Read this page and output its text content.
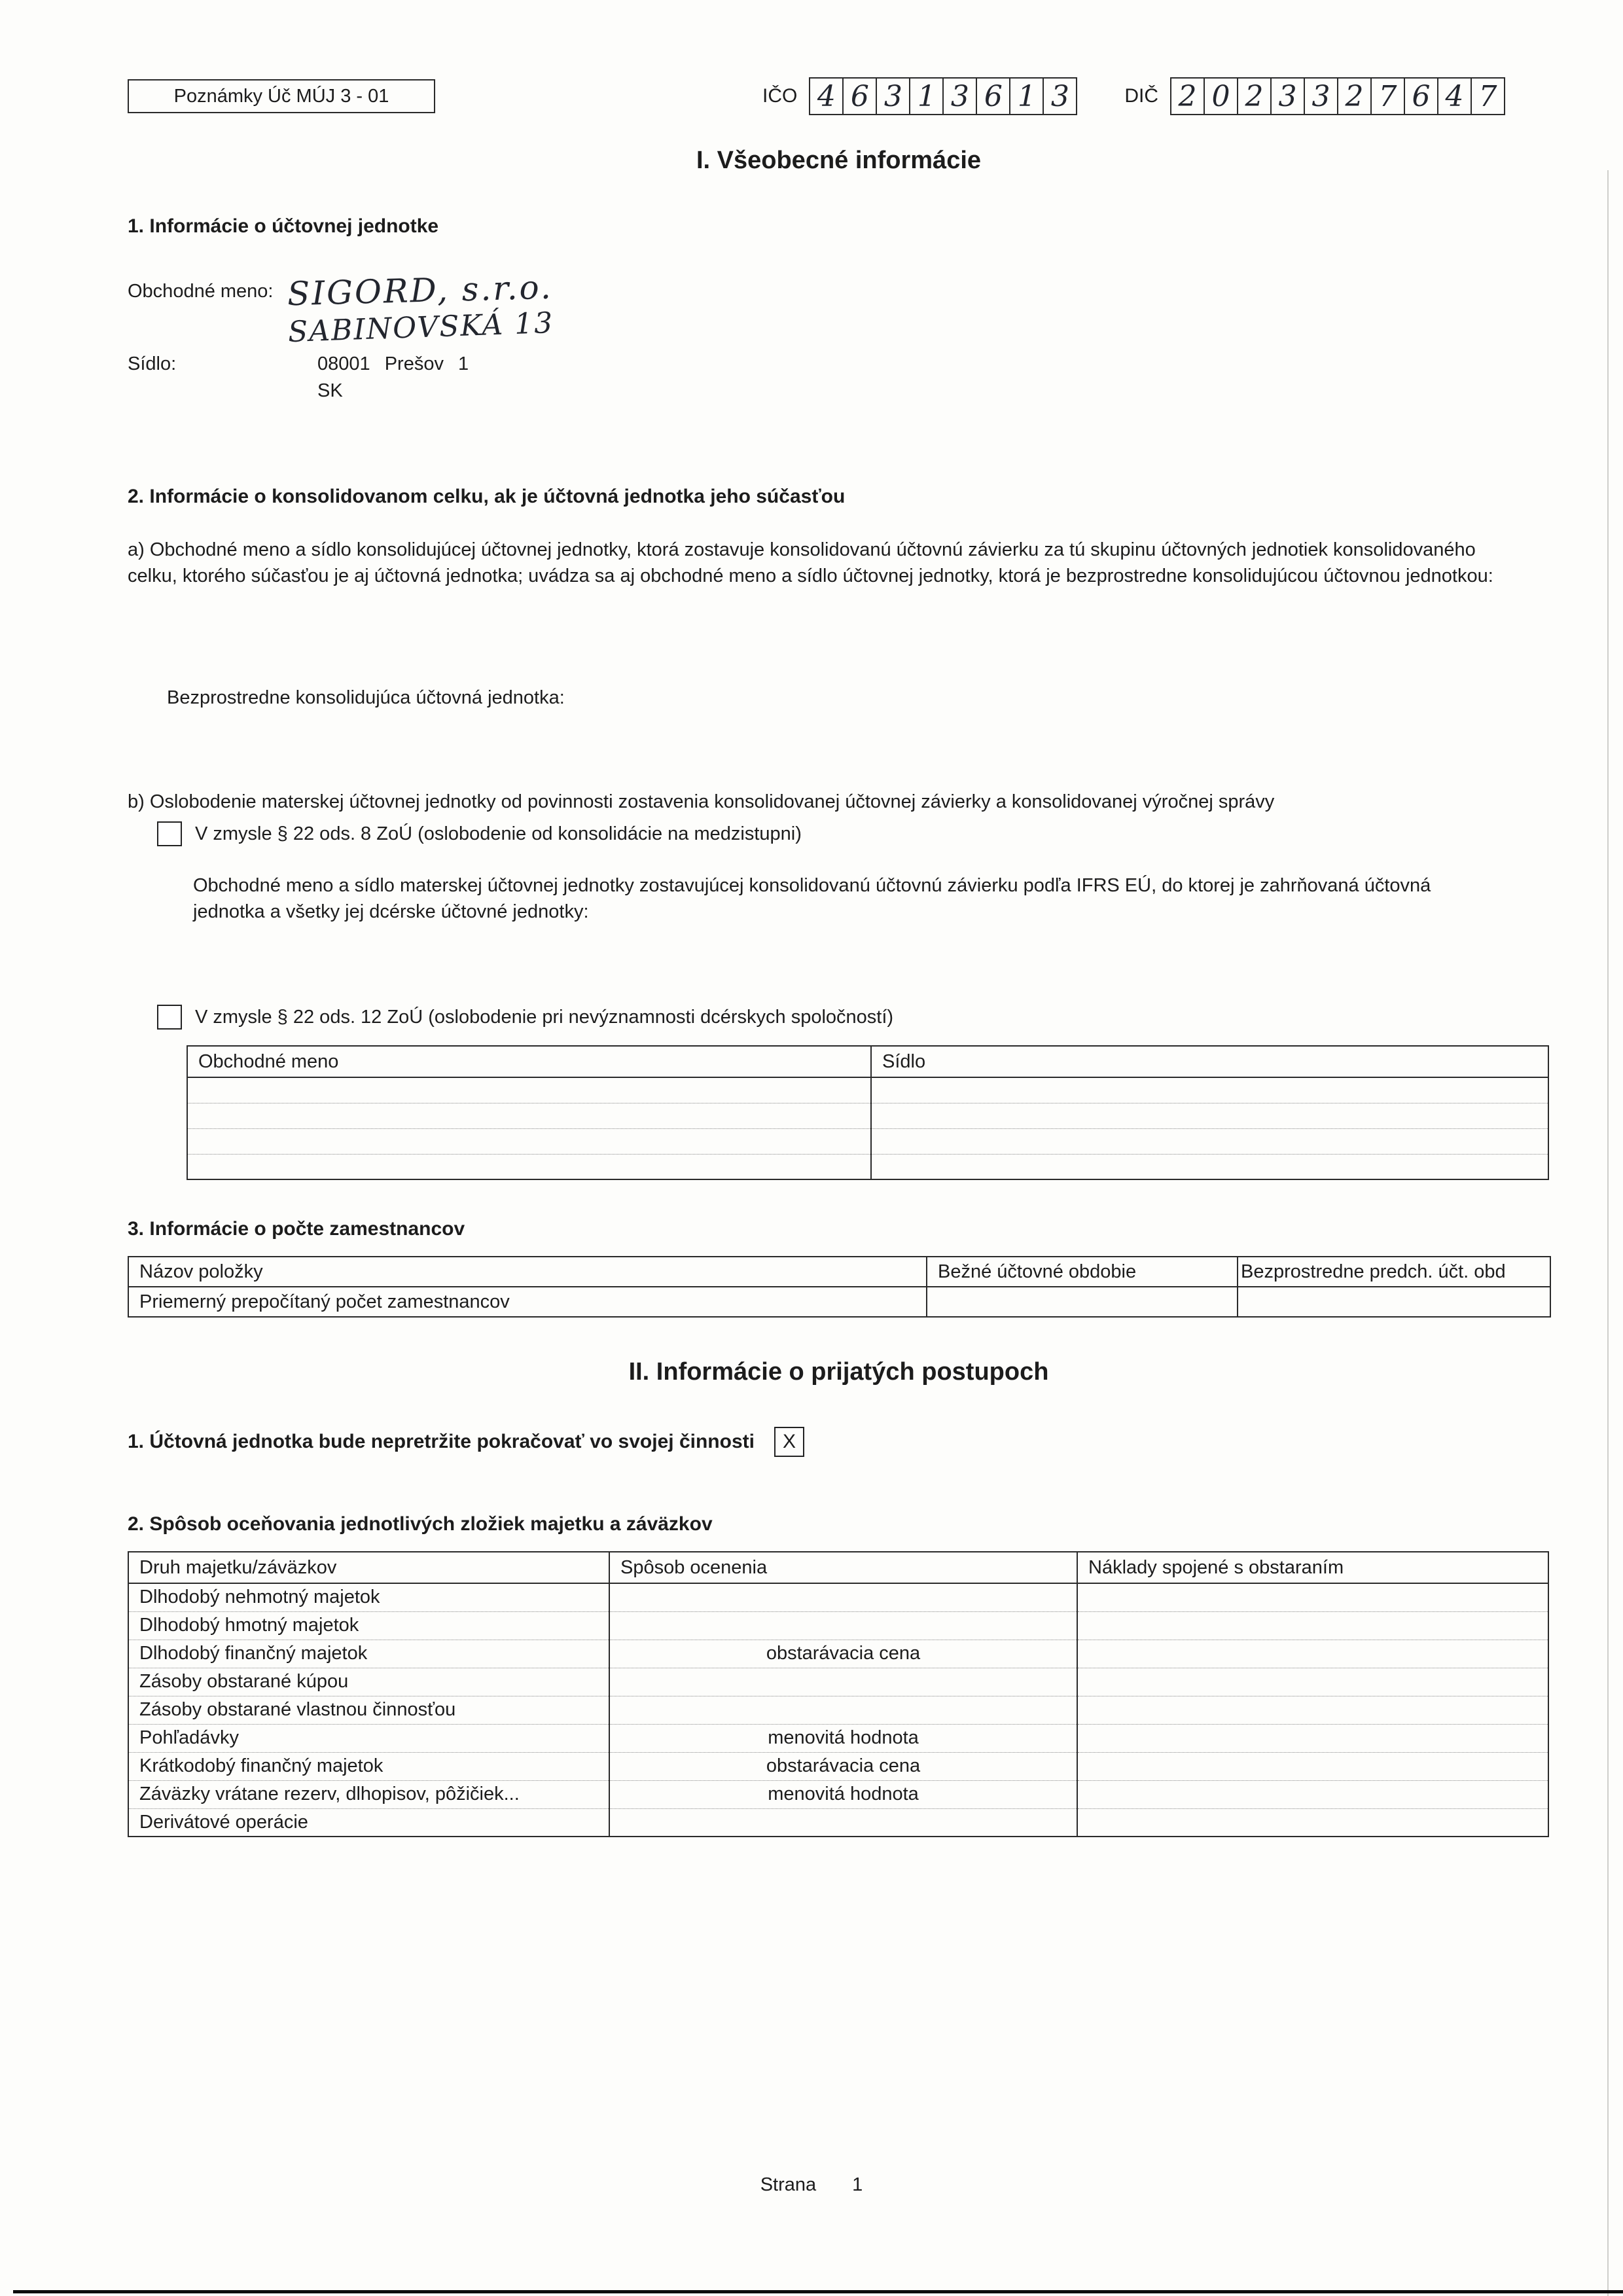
Poznámky Úč MÚJ 3 - 01	IČO 4 6 3 1 3 6 1 3	DIČ 2 0 2 3 3 2 7 6 4 7
I. Všeobecné informácie
1. Informácie o účtovnej jednotke
Obchodné meno: SIGORD, s.r.o.
SABINOVSKÁ 13
Sídlo:	08001 Prešov 1
SK
2. Informácie o konsolidovanom celku, ak je účtovná jednotka jeho súčasťou
a) Obchodné meno a sídlo konsolidujúcej účtovnej jednotky, ktorá zostavuje konsolidovanú účtovnú závierku za tú skupinu účtovných jednotiek konsolidovaného celku, ktorého súčasťou je aj účtovná jednotka; uvádza sa aj obchodné meno a sídlo účtovnej jednotky, ktorá je bezprostredne konsolidujúcou účtovnou jednotkou:
Bezprostredne konsolidujúca účtovná jednotka:
b) Oslobodenie materskej účtovnej jednotky od povinnosti zostavenia konsolidovanej účtovnej závierky a konsolidovanej výročnej správy
V zmysle § 22 ods. 8 ZoÚ (oslobodenie od konsolidácie na medzistupni)
Obchodné meno a sídlo materskej účtovnej jednotky zostavujúcej konsolidovanú účtovnú závierku podľa IFRS EÚ, do ktorej je zahrňovaná účtovná jednotka a všetky jej dcérske účtovné jednotky:
V zmysle § 22 ods. 12 ZoÚ (oslobodenie pri nevýznamnosti dcérskych spoločností)
Obchodné meno	Sídlo

3. Informácie o počte zamestnancov
Názov položky	Bežné účtovné obdobie	Bezprostredne predch. účt. obd
Priemerný prepočítaný počet zamestnancov		
II. Informácie o prijatých postupoch
1. Účtovná jednotka bude nepretržite pokračovať vo svojej činnosti X
2. Spôsob oceňovania jednotlivých zložiek majetku a záväzkov
Druh majetku/záväzkov	Spôsob ocenenia	Náklady spojené s obstaraním
Dlhodobý nehmotný majetok		
Dlhodobý hmotný majetok		
Dlhodobý finančný majetok	obstarávacia cena	
Zásoby obstarané kúpou		
Zásoby obstarané vlastnou činnosťou		
Pohľadávky	menovitá hodnota	
Krátkodobý finančný majetok	obstarávacia cena	
Záväzky vrátane rezerv, dlhopisov, pôžičiek...	menovitá hodnota	
Derivátové operácie		
Strana 1
